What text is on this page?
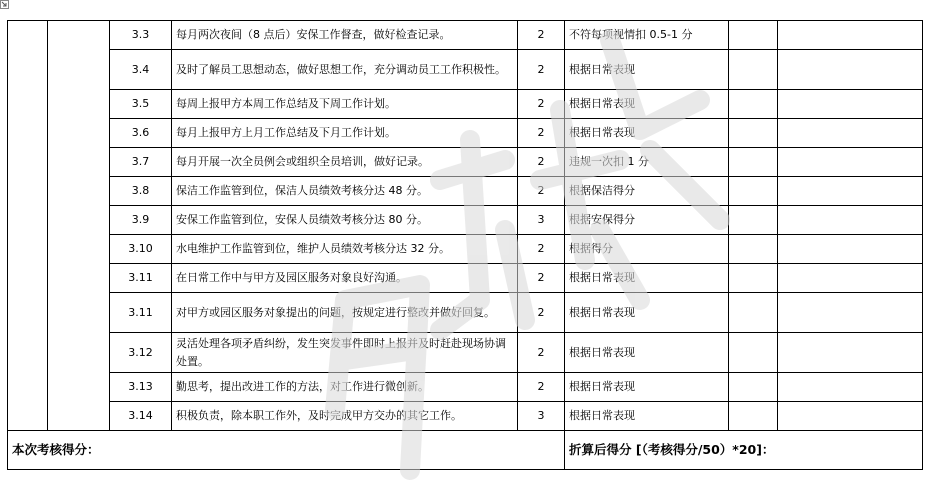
		3.3	每月两次夜间（8 点后）安保工作督查，做好检查记录。	2	不符每项视情扣 0.5-1 分		
		3.4	及时了解员工思想动态，做好思想工作，充分调动员工工作积极性。	2	根据日常表现		
		3.5	每周上报甲方本周工作总结及下周工作计划。	2	根据日常表现		
		3.6	每月上报甲方上月工作总结及下月工作计划。	2	根据日常表现		
		3.7	每月开展一次全员例会或组织全员培训，做好记录。	2	违规一次扣 1 分		
		3.8	保洁工作监管到位，保洁人员绩效考核分达 48 分。	2	根据保洁得分		
		3.9	安保工作监管到位，安保人员绩效考核分达 80 分。	3	根据安保得分		
		3.10	水电维护工作监管到位，维护人员绩效考核分达 32 分。	2	根据得分		
		3.11	在日常工作中与甲方及园区服务对象良好沟通。	2	根据日常表现		
		3.11	对甲方或园区服务对象提出的问题，按规定进行整改并做好回复。	2	根据日常表现		
		3.12	灵活处理各项矛盾纠纷，发生突发事件即时上报并及时赶赴现场协调处置。	2	根据日常表现		
		3.13	勤思考，提出改进工作的方法，对工作进行微创新。	2	根据日常表现		
		3.14	积极负责，除本职工作外，及时完成甲方交办的其它工作。	3	根据日常表现		
本次考核得分：					折算后得分 [（考核得分/50）*20]：		
